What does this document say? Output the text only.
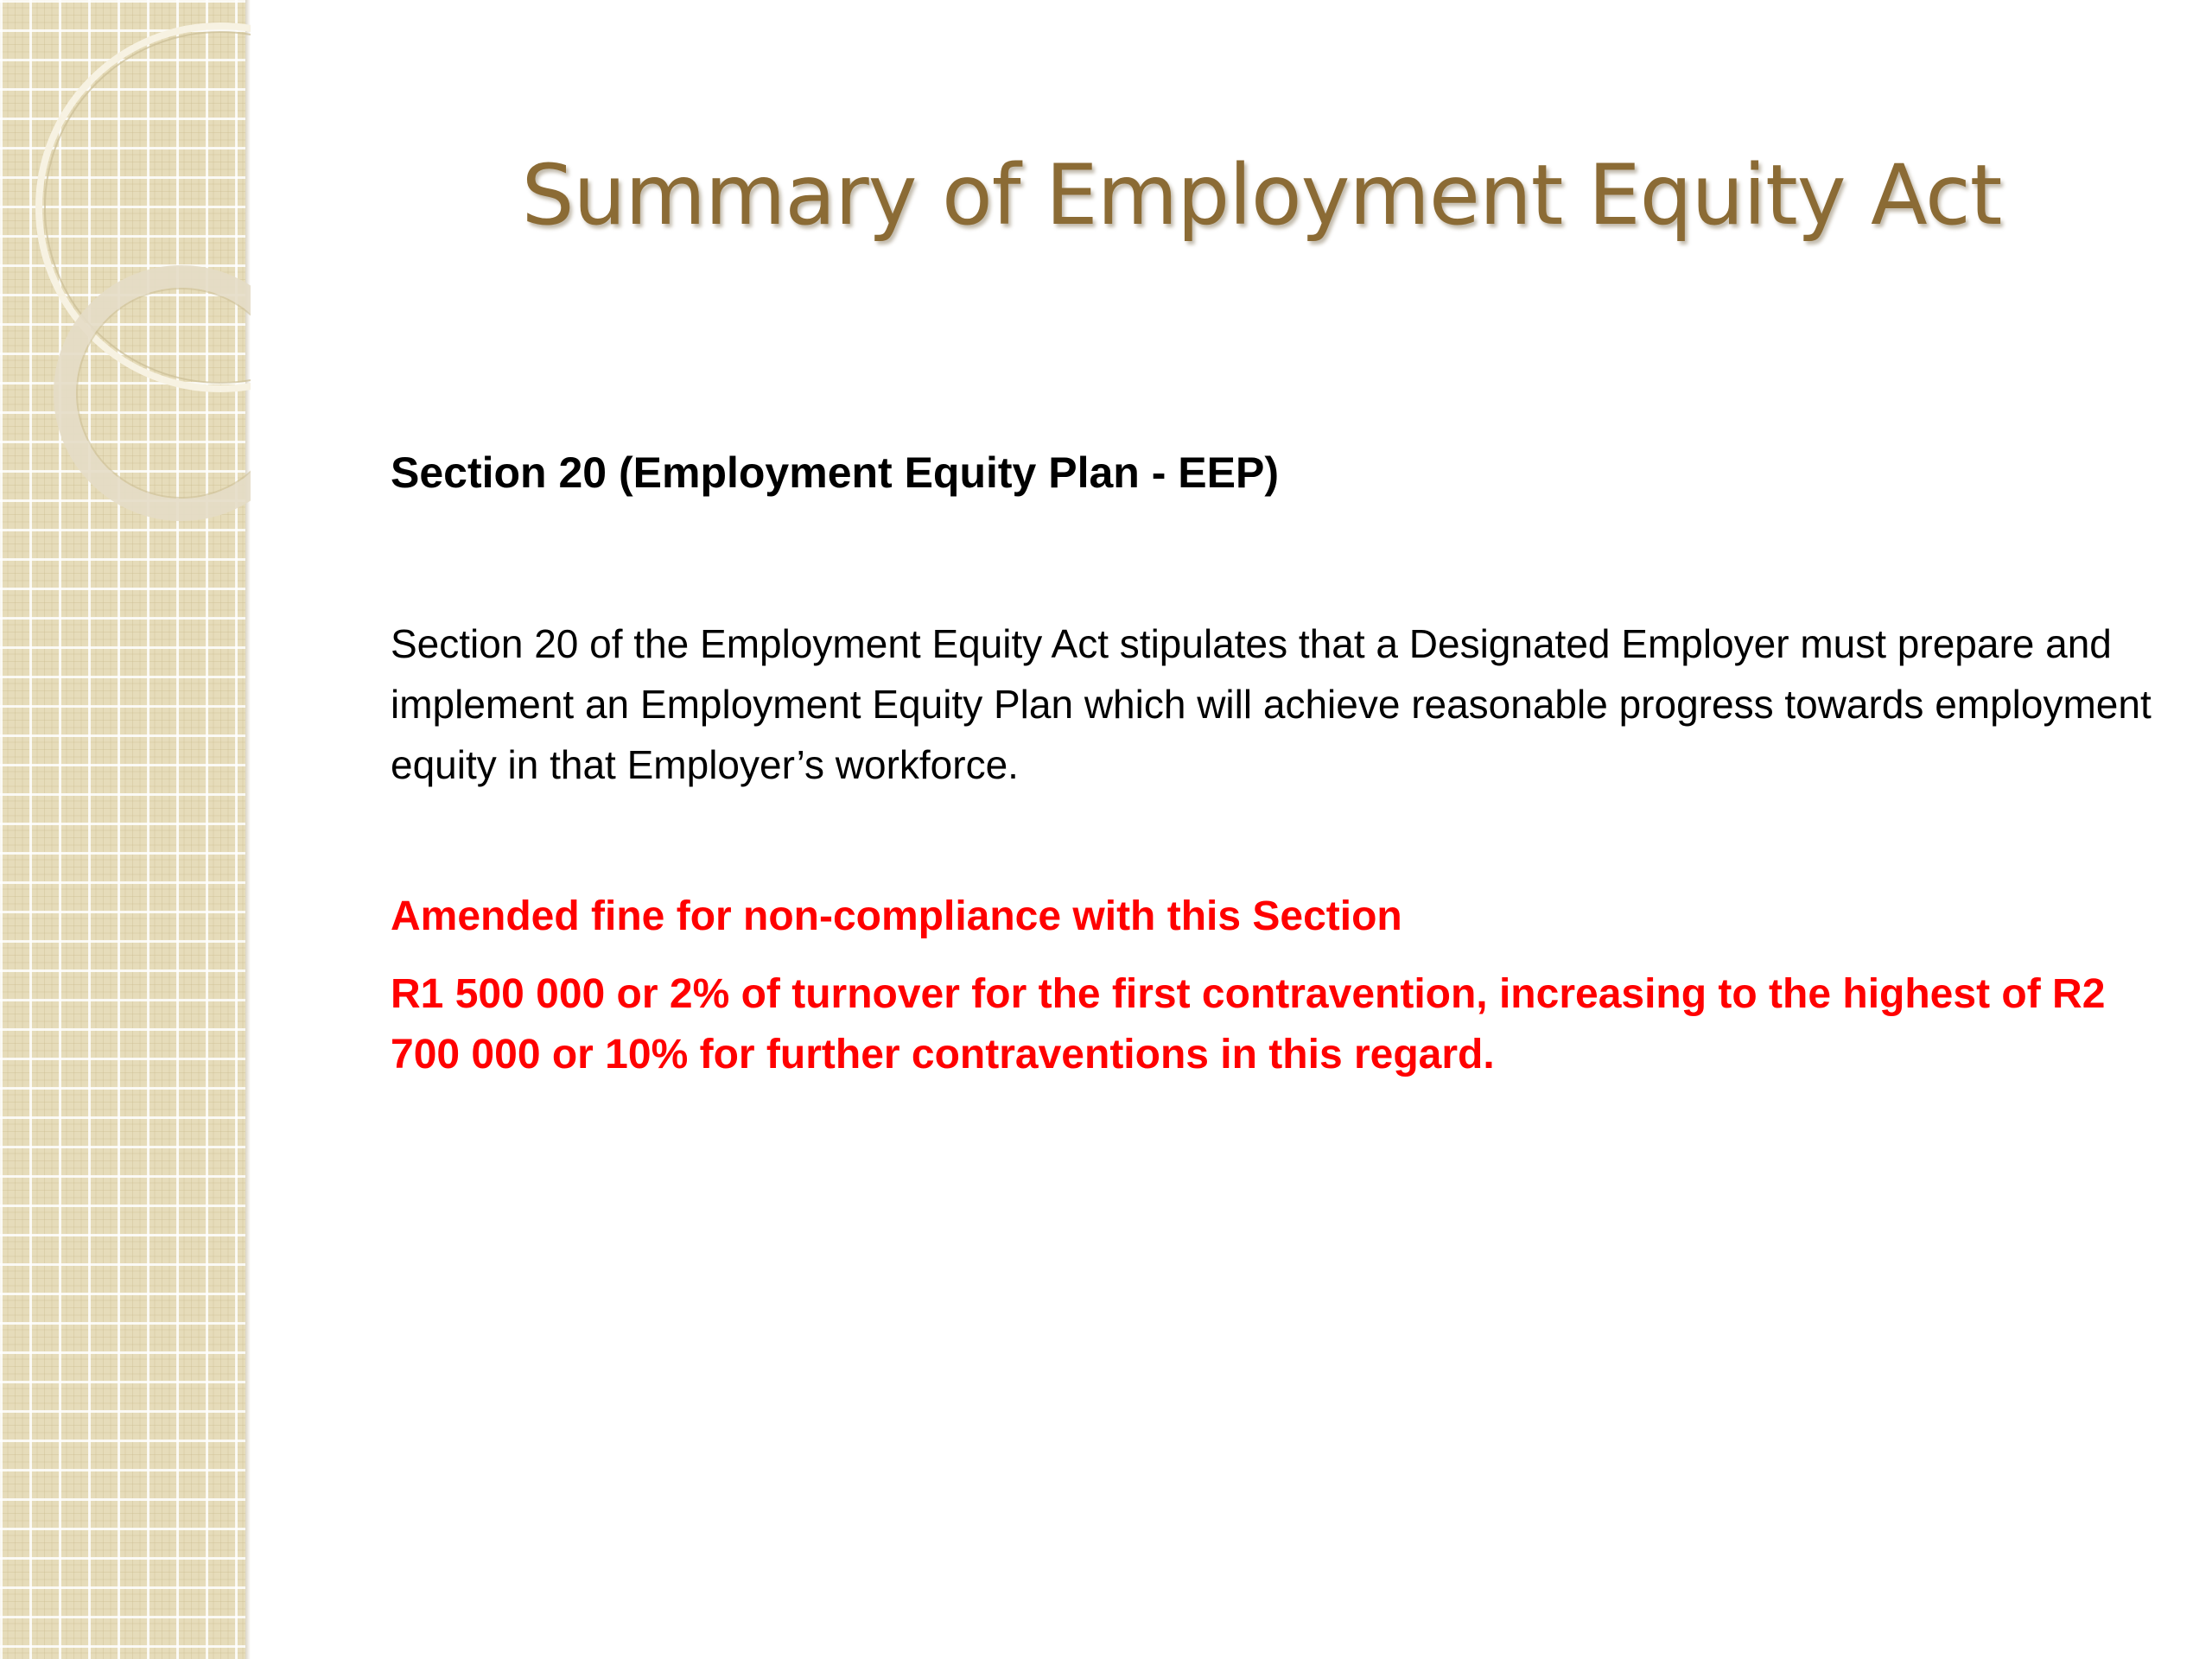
Summary of Employment Equity Act

Section 20 (Employment Equity Plan - EEP)

Section 20 of the Employment Equity Act stipulates that a Designated Employer must prepare and implement an Employment Equity Plan which will achieve reasonable progress towards employment equity in that Employer’s workforce.

Amended fine for non-compliance with this Section

R1 500 000 or 2% of turnover for the first contravention, increasing to the highest of R2 700 000 or 10% for further contraventions in this regard.
